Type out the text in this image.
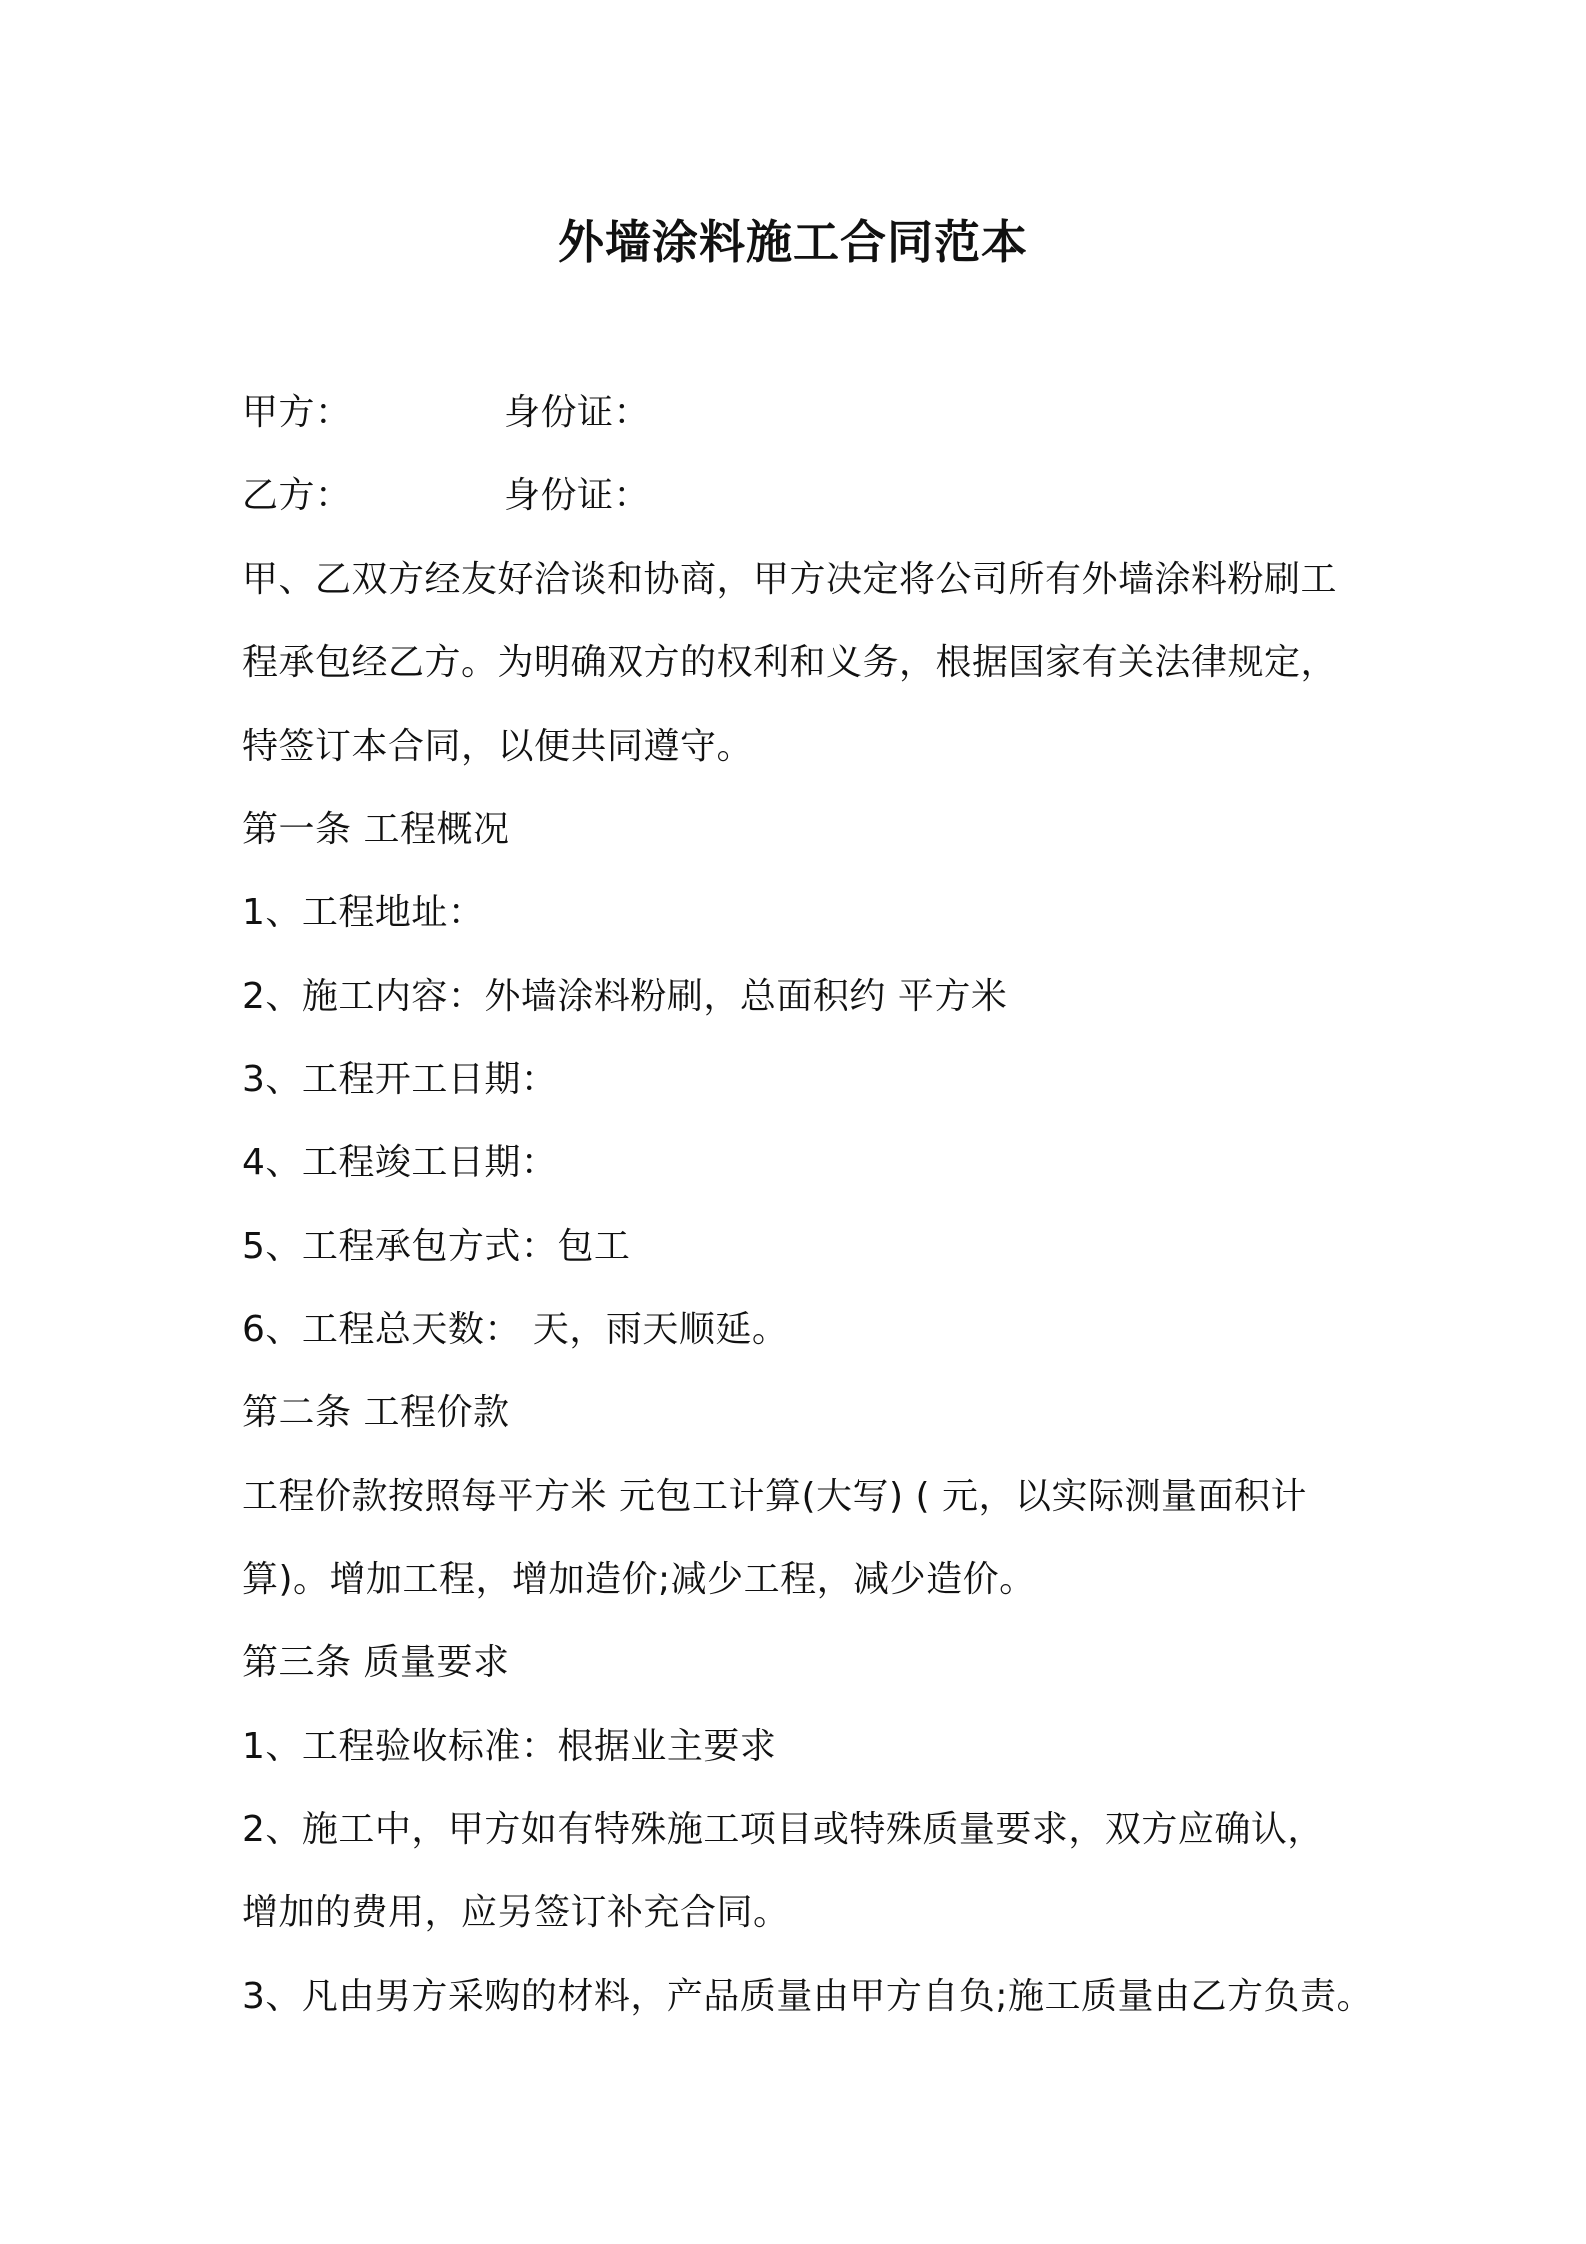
外墙涂料施工合同范本
甲方：	身份证：
乙方：	身份证：
甲、乙双方经友好洽谈和协商，甲方决定将公司所有外墙涂料粉刷工
程承包经乙方。为明确双方的权利和义务，根据国家有关法律规定，
特签订本合同，以便共同遵守。
第一条 工程概况
1、工程地址：
2、施工内容：外墙涂料粉刷，总面积约 平方米
3、工程开工日期：
4、工程竣工日期：
5、工程承包方式：包工
6、工程总天数： 天，雨天顺延。
第二条 工程价款
工程价款按照每平方米 元包工计算(大写) ( 元，以实际测量面积计
算)。增加工程，增加造价;减少工程，减少造价。
第三条 质量要求
1、工程验收标准：根据业主要求
2、施工中，甲方如有特殊施工项目或特殊质量要求，双方应确认，
增加的费用，应另签订补充合同。
3、凡由男方采购的材料，产品质量由甲方自负;施工质量由乙方负责。
